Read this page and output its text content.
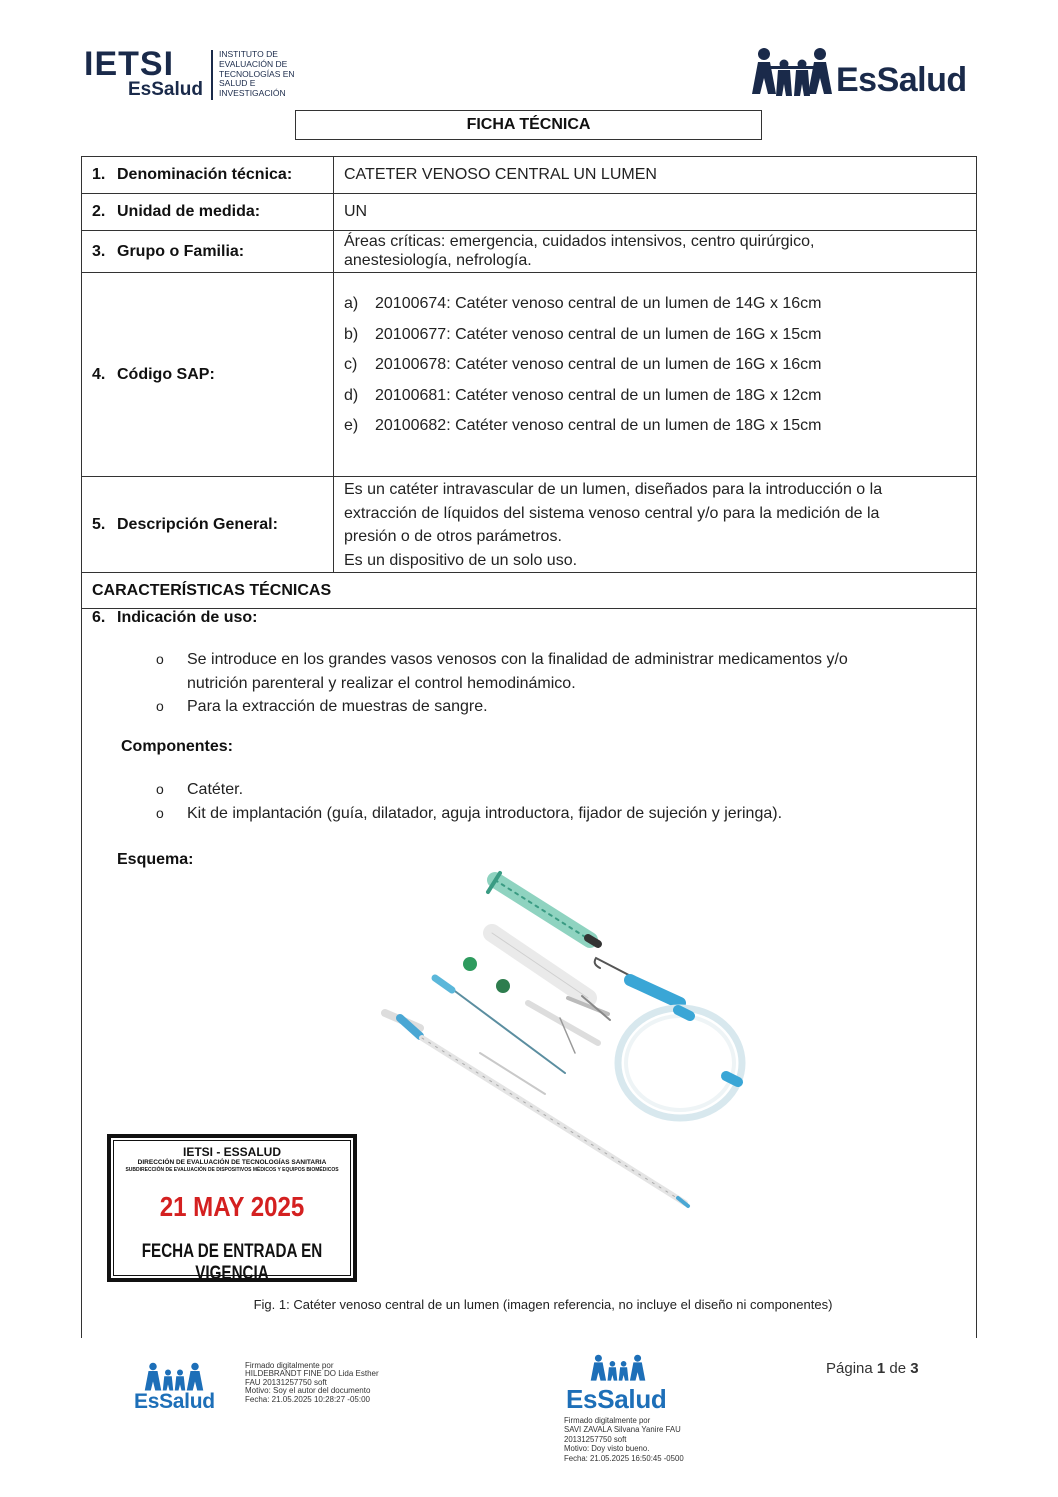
IETSI
EsSalud
INSTITUTO DE
EVALUACIÓN DE
TECNOLOGÍAS EN
SALUD E
INVESTIGACIÓN	EsSalud
FICHA TÉCNICA
1. Denominación técnica:	CATETER VENOSO CENTRAL UN LUMEN
2. Unidad de medida:	UN
3. Grupo o Familia:
Áreas críticas: emergencia, cuidados intensivos, centro quirúrgico,
anestesiología, nefrología.
4. Código SAP:
a) 20100674: Catéter venoso central de un lumen de 14G x 16cm
b) 20100677: Catéter venoso central de un lumen de 16G x 15cm
c) 20100678: Catéter venoso central de un lumen de 16G x 16cm
d) 20100681: Catéter venoso central de un lumen de 18G x 12cm
e) 20100682: Catéter venoso central de un lumen de 18G x 15cm
5. Descripción General:
Es un catéter intravascular de un lumen, diseñados para la introducción o la
extracción de líquidos del sistema venoso central y/o para la medición de la
presión o de otros parámetros.
Es un dispositivo de un solo uso.
CARACTERÍSTICAS TÉCNICAS
6. Indicación de uso:
o Se introduce en los grandes vasos venosos con la finalidad de administrar medicamentos y/o
nutrición parenteral y realizar el control hemodinámico.
o Para la extracción de muestras de sangre.
Componentes:
o Catéter.
o Kit de implantación (guía, dilatador, aguja introductora, fijador de sujeción y jeringa).
Esquema:
IETSI - ESSALUD
DIRECCIÓN DE EVALUACIÓN DE TECNOLOGÍAS SANITARIA
SUBDIRECCIÓN DE EVALUACIÓN DE DISPOSITIVOS MÉDICOS Y EQUIPOS BIOMÉDICOS
21 MAY 2025
FECHA DE ENTRADA EN VIGENCIA
Fig. 1: Catéter venoso central de un lumen (imagen referencia, no incluye el diseño ni componentes)
EsSalud
Firmado digitalmente por
HILDEBRANDT FINE DO Lida Esther
FAU 20131257750 soft
Motivo: Soy el autor del documento
Fecha: 21.05.2025 10:28:27 -05:00	EsSalud
Firmado digitalmente por
SAVI ZAVALA Silvana Yanire FAU
20131257750 soft
Motivo: Doy visto bueno.
Fecha: 21.05.2025 16:50:45 -0500
Página 1 de 3
